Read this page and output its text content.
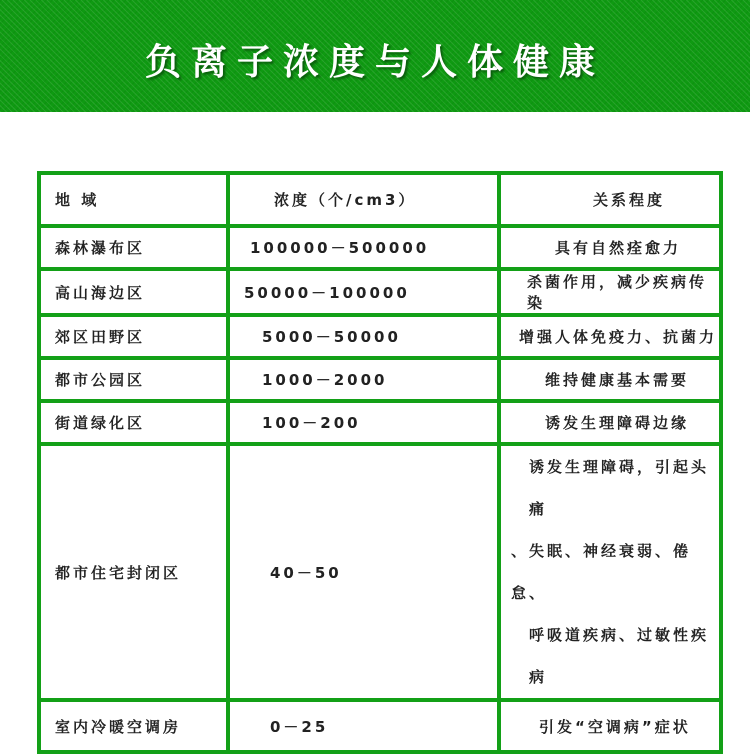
负离子浓度与人体健康
地 域	浓度（个/cm3）	关系程度
森林瀑布区	100000－500000	具有自然痊愈力
高山海边区	50000－100000	杀菌作用，减少疾病传染
郊区田野区	5000－50000	增强人体免疫力、抗菌力
都市公园区	1000－2000	维持健康基本需要
街道绿化区	100－200	诱发生理障碍边缘
都市住宅封闭区	40－50	诱发生理障碍，引起头痛
、失眠、神经衰弱、倦怠、
呼吸道疾病、过敏性疾病

室内冷暖空调房	0－25	引发“空调病”症状
